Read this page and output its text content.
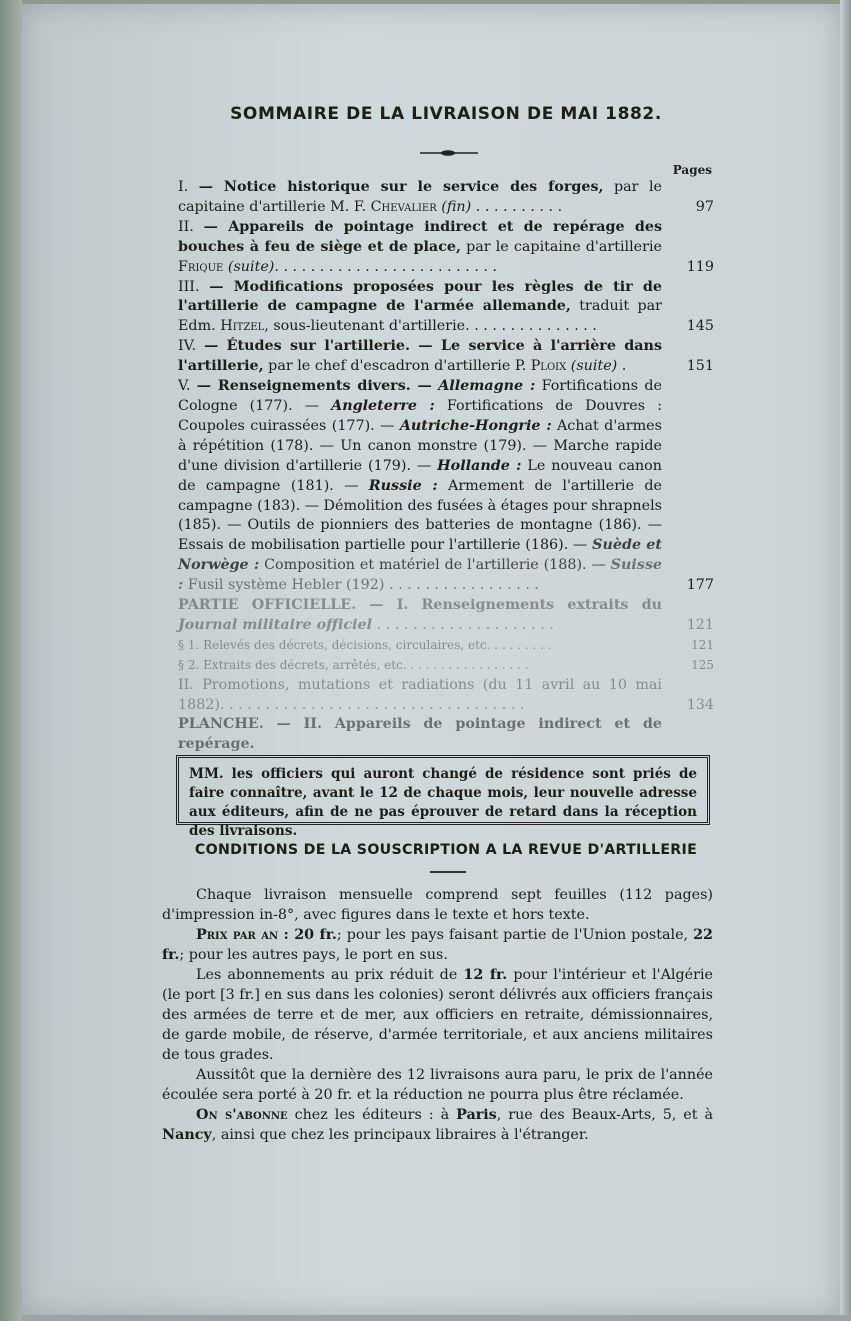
SOMMAIRE DE LA LIVRAISON DE MAI 1882.
Pages
I. — Notice historique sur le service des forges, par le capitaine d'artillerie M. F. Chevalier (fin) . . . . . . . . . .	97
II. — Appareils de pointage indirect et de repérage des bouches à feu de siège et de place, par le capitaine d'artillerie Frique (suite). . . . . . . . . . . . . . . . . . . . . . . . .	119
III. — Modifications proposées pour les règles de tir de l'artillerie de campagne de l'armée allemande, traduit par Edm. Hitzel, sous-lieutenant d'artillerie. . . . . . . . . . . . . . .	145
IV. — Études sur l'artillerie. — Le service à l'arrière dans l'artillerie, par le chef d'escadron d'artillerie P. Ploix (suite) .	151
V. — Renseignements divers. — Allemagne : Fortifications de Cologne (177). — Angleterre : Fortifications de Douvres : Coupoles cuirassées (177). — Autriche-Hongrie : Achat d'armes à répétition (178). — Un canon monstre (179). — Marche rapide d'une division d'artillerie (179). — Hollande : Le nouveau canon de campagne (181). — Russie : Armement de l'artillerie de campagne (183). — Démolition des fusées à étages pour shrapnels (185). — Outils de pionniers des batteries de montagne (186). — Essais de mobilisation partielle pour l'artillerie (186). — Suède et Norwège : Composition et matériel de l'artillerie (188). — Suisse : Fusil système Hebler (192) . . . . . . . . . . . . . . . . .	177
PARTIE OFFICIELLE. — I. Renseignements extraits du Journal militaire officiel . . . . . . . . . . . . . . . . . . . .	121
§ 1. Relevés des décrets, décisions, circulaires, etc. . . . . . . . .	121
§ 2. Extraits des décrets, arrêtés, etc. . . . . . . . . . . . . . . . .	125
II. Promotions, mutations et radiations (du 11 avril au 10 mai 1882). . . . . . . . . . . . . . . . . . . . . . . . . . . . . . . . . .	134
PLANCHE. — II. Appareils de pointage indirect et de repérage.
MM. les officiers qui auront changé de résidence sont priés de faire connaître, avant le 12 de chaque mois, leur nouvelle adresse aux éditeurs, afin de ne pas éprouver de retard dans la réception des livraisons.
CONDITIONS DE LA SOUSCRIPTION A LA REVUE D'ARTILLERIE

Chaque livraison mensuelle comprend sept feuilles (112 pages) d'impression in-8°, avec figures dans le texte et hors texte.

Prix par an : 20 fr.; pour les pays faisant partie de l'Union postale, 22 fr.; pour les autres pays, le port en sus.

Les abonnements au prix réduit de 12 fr. pour l'intérieur et l'Algérie (le port [3 fr.] en sus dans les colonies) seront délivrés aux officiers français des armées de terre et de mer, aux officiers en retraite, démissionnaires, de garde mobile, de réserve, d'armée territoriale, et aux anciens militaires de tous grades.

Aussitôt que la dernière des 12 livraisons aura paru, le prix de l'année écoulée sera porté à 20 fr. et la réduction ne pourra plus être réclamée.

On s'abonne chez les éditeurs : à Paris, rue des Beaux-Arts, 5, et à Nancy, ainsi que chez les principaux libraires à l'étranger.
